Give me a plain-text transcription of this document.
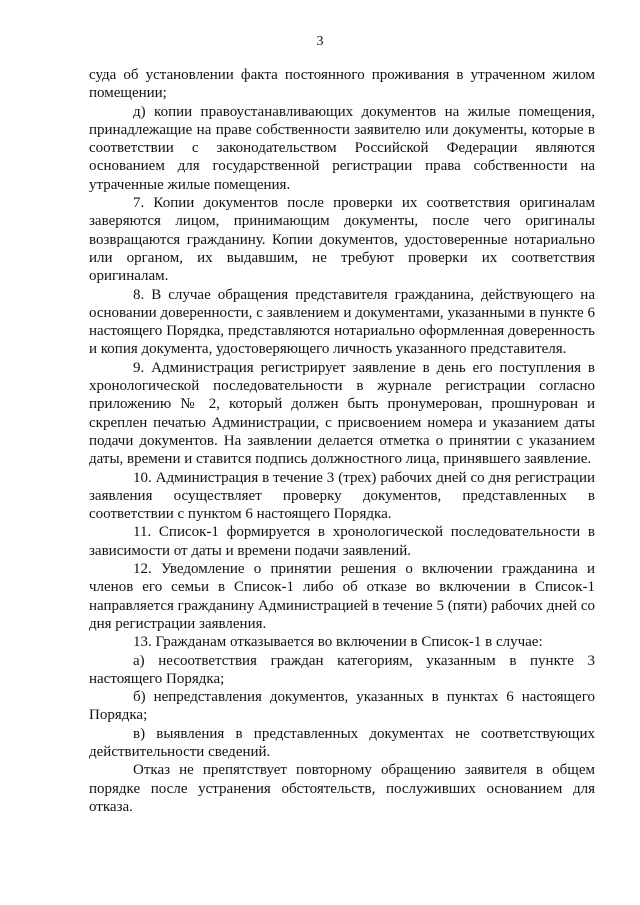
3

суда об установлении факта постоянного проживания в утраченном жилом помещении;

д) копии правоустанавливающих документов на жилые помещения, принадлежащие на праве собственности заявителю или документы, которые в соответствии с законодательством Российской Федерации являются основанием для государственной регистрации права собственности на утраченные жилые помещения.

7. Копии документов после проверки их соответствия оригиналам заверяются лицом, принимающим документы, после чего оригиналы возвращаются гражданину. Копии документов, удостоверенные нотариально или органом, их выдавшим, не требуют проверки их соответствия оригиналам.

8. В случае обращения представителя гражданина, действующего на основании доверенности, с заявлением и документами, указанными в пункте 6 настоящего Порядка, представляются нотариально оформленная доверенность и копия документа, удостоверяющего личность указанного представителя.

9. Администрация регистрирует заявление в день его поступления в хронологической последовательности в журнале регистрации согласно приложению № 2, который должен быть пронумерован, прошнурован и скреплен печатью Администрации, с присвоением номера и указанием даты подачи документов. На заявлении делается отметка о принятии с указанием даты, времени и ставится подпись должностного лица, принявшего заявление.

10. Администрация в течение 3 (трех) рабочих дней со дня регистрации заявления осуществляет проверку документов, представленных в соответствии с пунктом 6 настоящего Порядка.

11. Список-1 формируется в хронологической последовательности в зависимости от даты и времени подачи заявлений.

12. Уведомление о принятии решения о включении гражданина и членов его семьи в Список-1 либо об отказе во включении в Список-1 направляется гражданину Администрацией в течение 5 (пяти) рабочих дней со дня регистрации заявления.

13. Гражданам отказывается во включении в Список-1 в случае:

а) несоответствия граждан категориям, указанным в пункте 3 настоящего Порядка;

б) непредставления документов, указанных в пунктах 6 настоящего Порядка;

в) выявления в представленных документах не соответствующих действительности сведений.

Отказ не препятствует повторному обращению заявителя в общем порядке после устранения обстоятельств, послуживших основанием для отказа.
